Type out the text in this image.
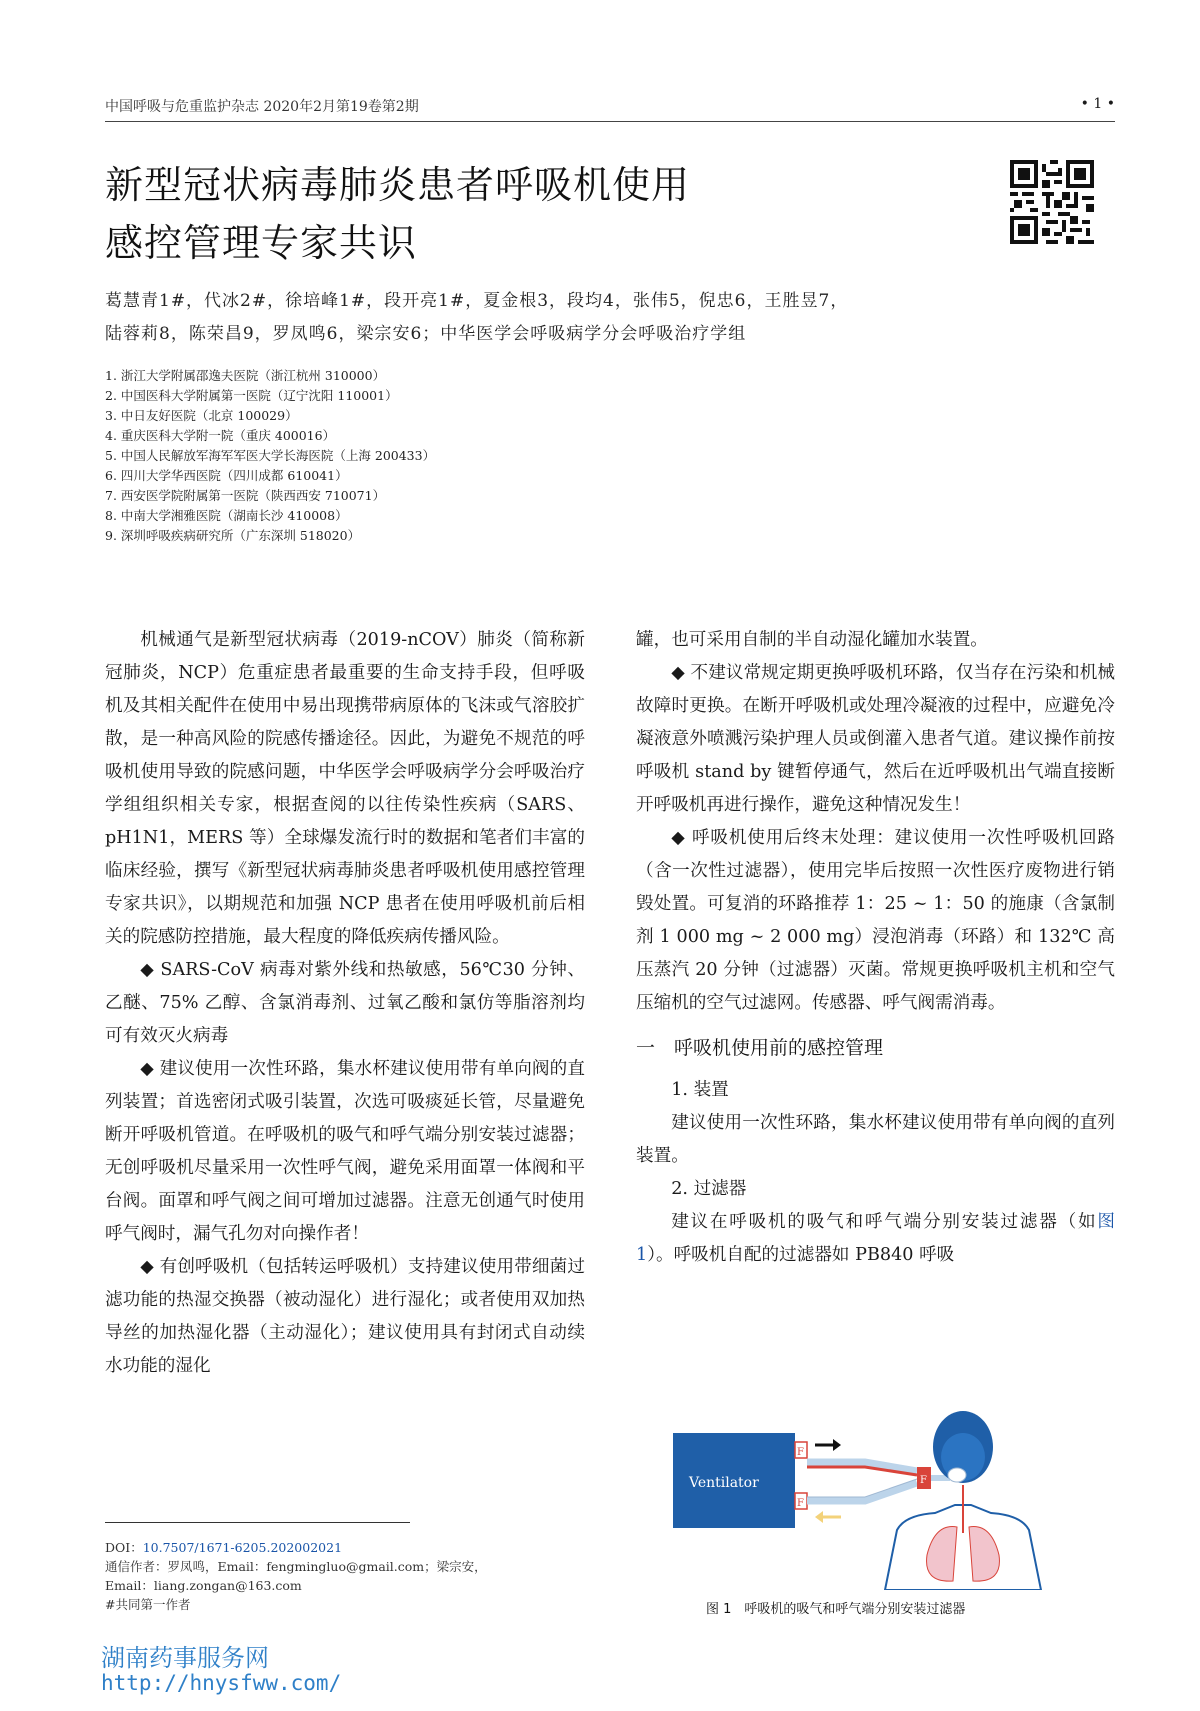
中国呼吸与危重监护杂志 2020年2月第19卷第2期	• 1 •
新型冠状病毒肺炎患者呼吸机使用
感控管理专家共识
葛慧青1#，代冰2#，徐培峰1#，段开亮1#，夏金根3，段均4，张伟5，倪忠6，王胜昱7，
陆蓉莉8，陈荣昌9，罗凤鸣6，梁宗安6；中华医学会呼吸病学分会呼吸治疗学组
1. 浙江大学附属邵逸夫医院（浙江杭州 310000）
2. 中国医科大学附属第一医院（辽宁沈阳 110001）
3. 中日友好医院（北京 100029）
4. 重庆医科大学附一院（重庆 400016）
5. 中国人民解放军海军军医大学长海医院（上海 200433）
6. 四川大学华西医院（四川成都 610041）
7. 西安医学院附属第一医院（陕西西安 710071）
8. 中南大学湘雅医院（湖南长沙 410008）
9. 深圳呼吸疾病研究所（广东深圳 518020）

机械通气是新型冠状病毒（2019-nCOV）肺炎（简称新冠肺炎，NCP）危重症患者最重要的生命支持手段，但呼吸机及其相关配件在使用中易出现携带病原体的飞沫或气溶胶扩散，是一种高风险的院感传播途径。因此，为避免不规范的呼吸机使用导致的院感问题，中华医学会呼吸病学分会呼吸治疗学组组织相关专家，根据查阅的以往传染性疾病（SARS、pH1N1，MERS 等）全球爆发流行时的数据和笔者们丰富的临床经验，撰写《新型冠状病毒肺炎患者呼吸机使用感控管理专家共识》，以期规范和加强 NCP 患者在使用呼吸机前后相关的院感防控措施，最大程度的降低疾病传播风险。

◆ SARS-CoV 病毒对紫外线和热敏感，56℃30 分钟、乙醚、75% 乙醇、含氯消毒剂、过氧乙酸和氯仿等脂溶剂均可有效灭火病毒

◆ 建议使用一次性环路，集水杯建议使用带有单向阀的直列装置；首选密闭式吸引装置，次选可吸痰延长管，尽量避免断开呼吸机管道。在呼吸机的吸气和呼气端分别安装过滤器；无创呼吸机尽量采用一次性呼气阀，避免采用面罩一体阀和平台阀。面罩和呼气阀之间可增加过滤器。注意无创通气时使用呼气阀时，漏气孔勿对向操作者！

◆ 有创呼吸机（包括转运呼吸机）支持建议使用带细菌过滤功能的热湿交换器（被动湿化）进行湿化；或者使用双加热导丝的加热湿化器（主动湿化）；建议使用具有封闭式自动续水功能的湿化

罐，也可采用自制的半自动湿化罐加水装置。

◆ 不建议常规定期更换呼吸机环路，仅当存在污染和机械故障时更换。在断开呼吸机或处理冷凝液的过程中，应避免冷凝液意外喷溅污染护理人员或倒灌入患者气道。建议操作前按呼吸机 stand by 键暂停通气，然后在近呼吸机出气端直接断开呼吸机再进行操作，避免这种情况发生！

◆ 呼吸机使用后终末处理：建议使用一次性呼吸机回路（含一次性过滤器），使用完毕后按照一次性医疗废物进行销毁处置。可复消的环路推荐 1：25 ~ 1：50 的施康（含氯制剂 1 000 mg ~ 2 000 mg）浸泡消毒（环路）和 132℃ 高压蒸汽 20 分钟（过滤器）灭菌。常规更换呼吸机主机和空气压缩机的空气过滤网。传感器、呼气阀需消毒。

一　呼吸机使用前的感控管理

1. 装置

建议使用一次性环路，集水杯建议使用带有单向阀的直列装置。

2. 过滤器

建议在呼吸机的吸气和呼气端分别安装过滤器（如图 1）。呼吸机自配的过滤器如 PB840 呼吸

Ventilator
F
F
F
图 1　呼吸机的吸气和呼气端分别安装过滤器
DOI：10.7507/1671-6205.202002021
通信作者：罗凤鸣，Email：fengmingluo@gmail.com；梁宗安，
Email：liang.zongan@163.com
#共同第一作者
湖南药事服务网
http://hnysfww.com/
